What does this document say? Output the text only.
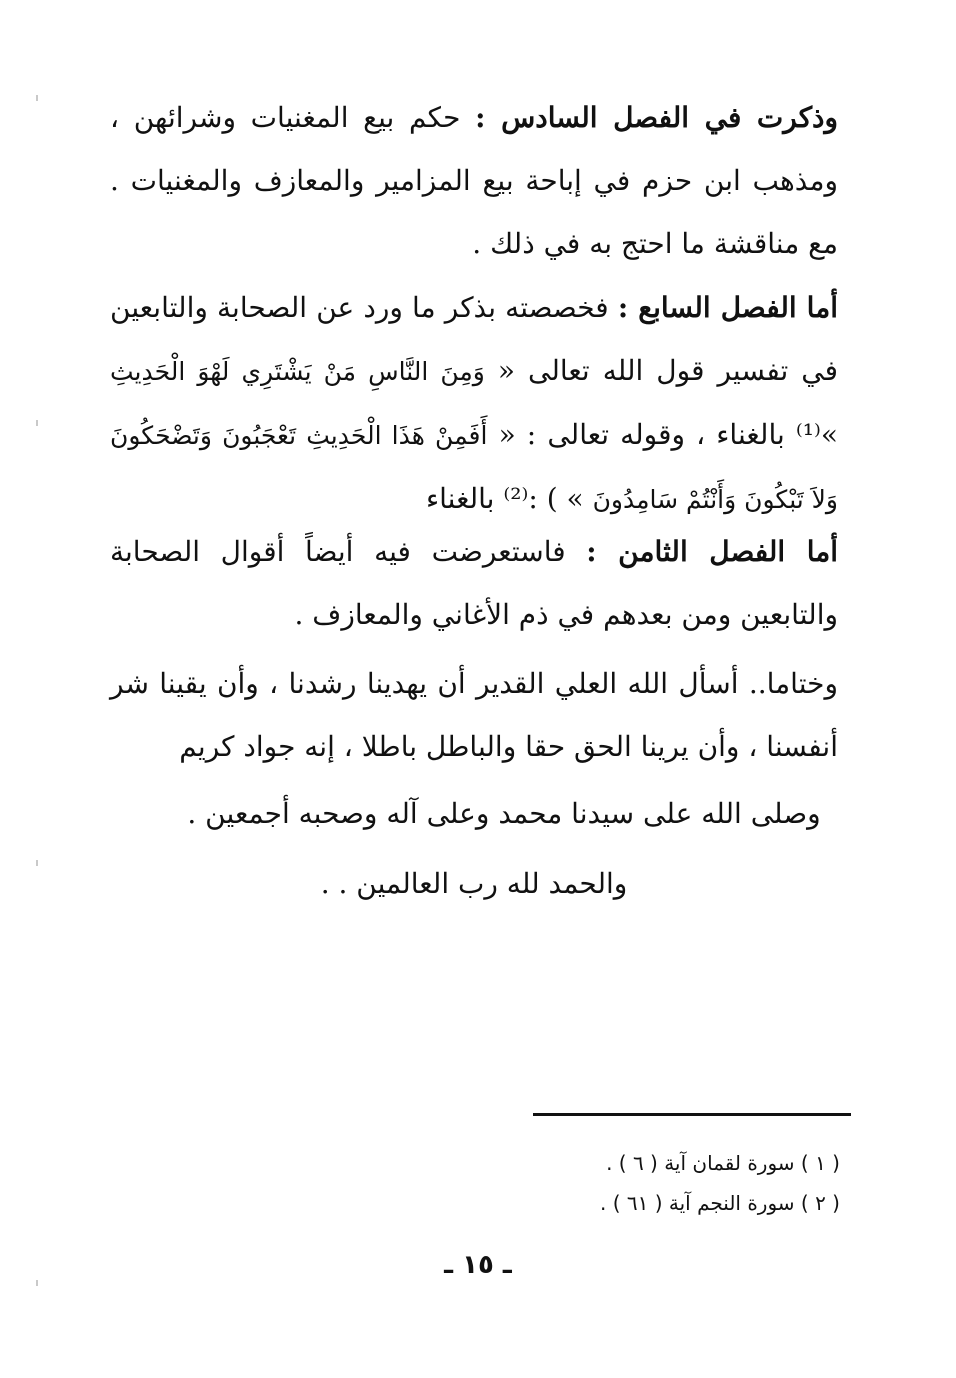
وذكرت في الفصل السادس : حكم بيع المغنيات وشرائهن ، ومذهب ابن حزم في إباحة بيع المزامير والمعازف والمغنيات . مع مناقشة ما احتج به في ذلك .

أما الفصل السابع : فخصصته بذكر ما ورد عن الصحابة والتابعين في تفسير قول الله تعالى « وَمِنَ النَّاسِ مَنْ يَشْتَرِي لَهْوَ الْحَدِيثِ »⁽¹⁾ بالغناء ، وقوله تعالى : « أَفَمِنْ هَذَا الْحَدِيثِ تَعْجَبُونَ وَتَضْحَكُونَ وَلاَ تَبْكُونَ وَأَنْتُمْ سَامِدُونَ » ) :⁽²⁾ بالغناء

أما الفصل الثامن : فاستعرضت فيه أيضاً أقوال الصحابة والتابعين ومن بعدهم في ذم الأغاني والمعازف .

وختاما.. أسأل الله العلي القدير أن يهدينا رشدنا ، وأن يقينا شر أنفسنا ، وأن يرينا الحق حقا والباطل باطلا ، إنه جواد كريم

وصلى الله على سيدنا محمد وعلى آله وصحبه أجمعين .
والحمد لله رب العالمين . .
( ١ ) سورة لقمان آية ( ٦ ) .
( ٢ ) سورة النجم آية ( ٦١ ) .
ـ ١٥ ـ
